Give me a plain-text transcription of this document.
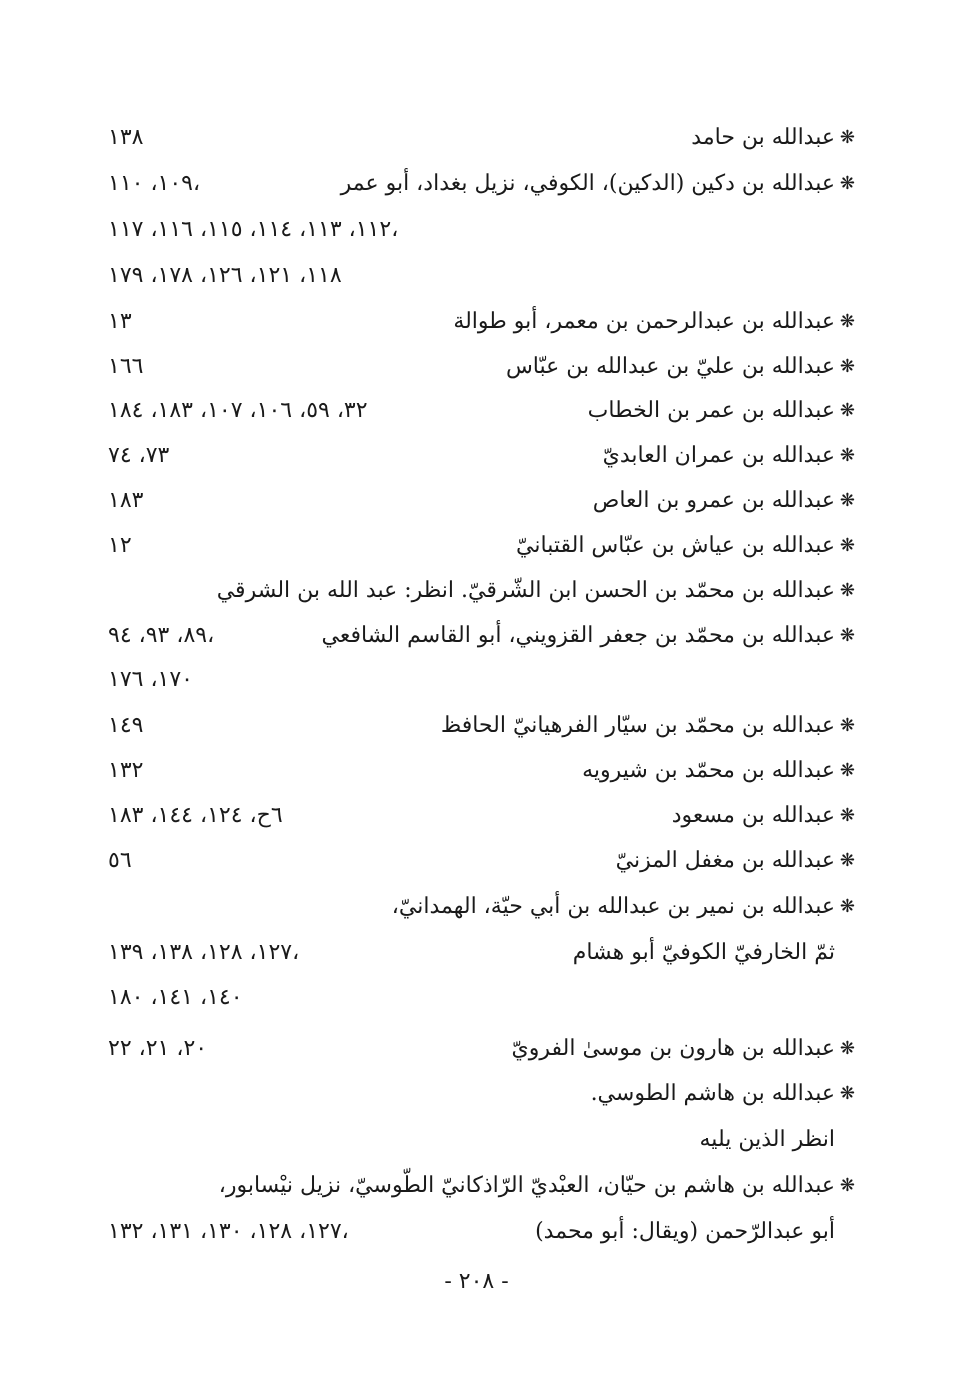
❋
عبدالله بن حامد
١٣٨
❋
عبدالله بن دكين (الدكين)، الكوفي، نزيل بغداد، أبو عمر
١٠٩، ١١٠،
١١٢، ١١٣، ١١٤، ١١٥، ١١٦، ١١٧،
١١٨، ١٢١، ١٢٦، ١٧٨، ١٧٩
❋
عبدالله بن عبدالرحمن بن معمر، أبو طوالة
١٣
❋
عبدالله بن عليّ بن عبدالله بن عبّاس
١٦٦
❋
عبدالله بن عمر بن الخطاب
٣٢، ٥٩، ١٠٦، ١٠٧، ١٨٣، ١٨٤
❋
عبدالله بن عمران العابديّ
٧٣، ٧٤
❋
عبدالله بن عمرو بن العاص
١٨٣
❋
عبدالله بن عياش بن عبّاس القتبانيّ
١٢
❋
عبدالله بن محمّد بن الحسن ابن الشّرقيّ. انظر: عبد الله بن الشرقي
❋
عبدالله بن محمّد بن جعفر القزويني، أبو القاسم الشافعي
٨٩، ٩٣، ٩٤،
١٧٠، ١٧٦
❋
عبدالله بن محمّد بن سيّار الفرهيانيّ الحافظ
١٤٩
❋
عبدالله بن محمّد بن شيرويه
١٣٢
❋
عبدالله بن مسعود
٦ح، ١٢٤، ١٤٤، ١٨٣
❋
عبدالله بن مغفل المزنيّ
٥٦
❋
عبدالله بن نمير بن عبدالله بن أبي حيّة، الهمدانيّ،
ثمّ الخارفيّ الكوفيّ أبو هشام
١٢٧، ١٢٨، ١٣٨، ١٣٩،
١٤٠، ١٤١، ١٨٠
❋
عبدالله بن هارون بن موسىٰ الفرويّ
٢٠، ٢١، ٢٢
❋
عبدالله بن هاشم الطوسي.
انظر الذين يليه
❋
عبدالله بن هاشم بن حيّان، العبْديّ الرّاذكانيّ الطّوسيّ، نزيل نيْسابور،
أبو عبدالرّحمن (ويقال: أبو محمد)
١٢٧، ١٢٨، ١٣٠، ١٣١، ١٣٢،
- ٢٠٨ -
